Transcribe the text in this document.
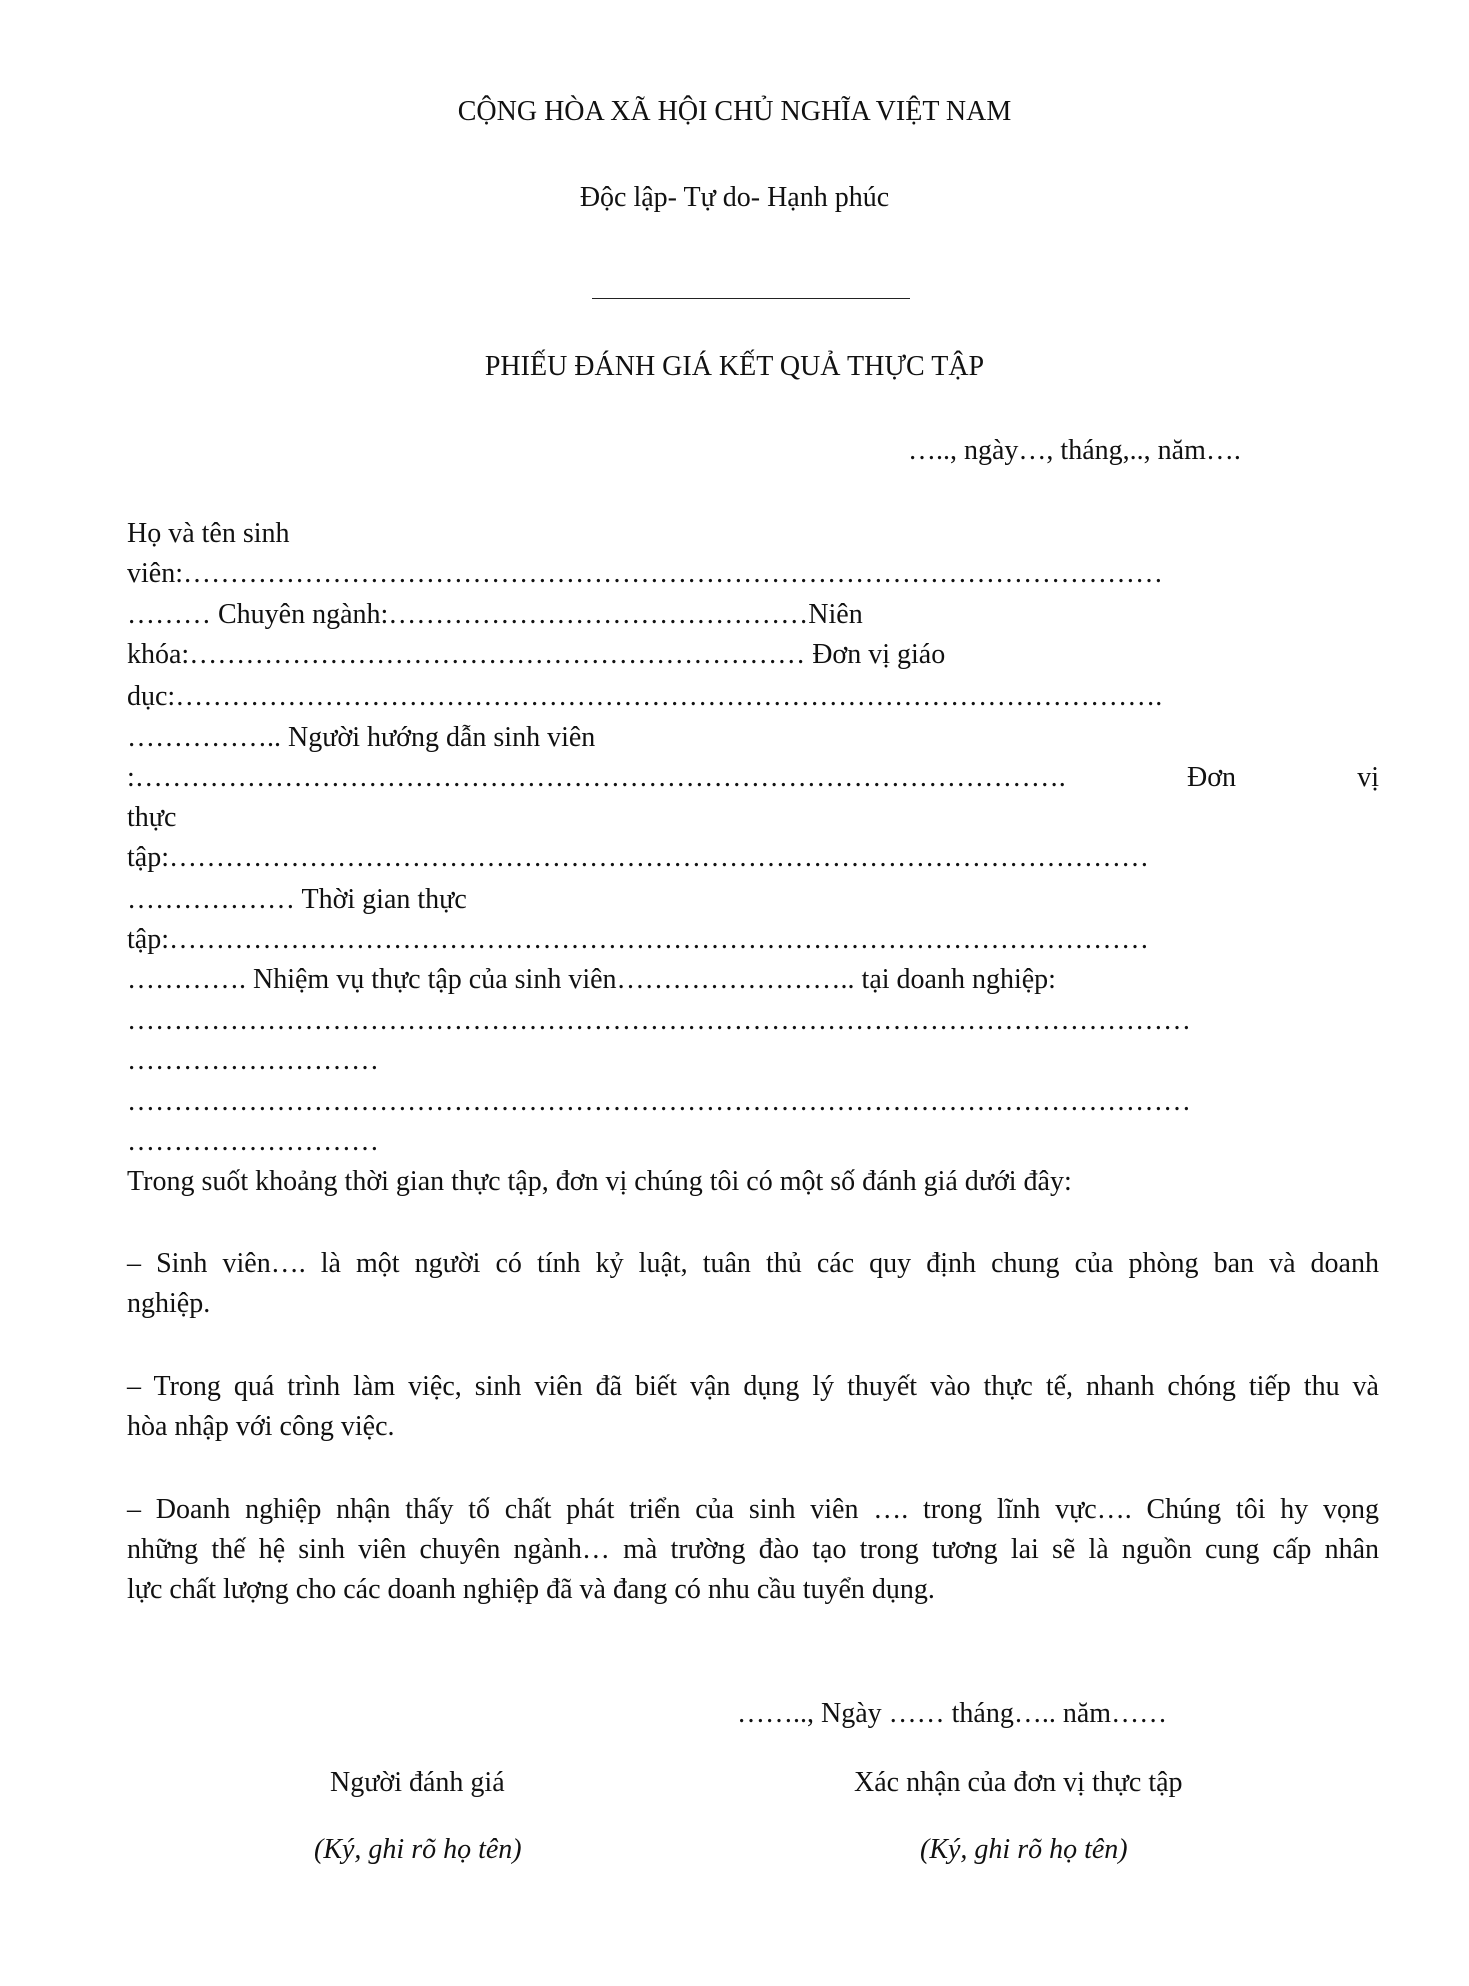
CỘNG HÒA XÃ HỘI CHỦ NGHĨA VIỆT NAM
Độc lập- Tự do- Hạnh phúc
PHIẾU ĐÁNH GIÁ KẾT QUẢ THỰC TẬP
….., ngày…, tháng,.., năm….
Họ và tên sinh
viên:……………………………………………………………………………………………
……… Chuyên ngành:………………………………………Niên
khóa:………………………………………………………… Đơn vị giáo
dục:…………………………………………………………………………………………….
…………….. Người hướng dẫn sinh viên
:………………………………………………………………………………………. Đơn vị
thực
tập:……………………………………………………………………………………………
……………… Thời gian thực
tập:……………………………………………………………………………………………
…………. Nhiệm vụ thực tập của sinh viên…………………….. tại doanh nghiệp:
……………………………………………………………………………………………………
………………………
……………………………………………………………………………………………………
………………………
Trong suốt khoảng thời gian thực tập, đơn vị chúng tôi có một số đánh giá dưới đây:
– Sinh viên…. là một người có tính kỷ luật, tuân thủ các quy định chung của phòng ban và doanh
nghiệp.
– Trong quá trình làm việc, sinh viên đã biết vận dụng lý thuyết vào thực tế, nhanh chóng tiếp thu và
hòa nhập với công việc.
– Doanh nghiệp nhận thấy tố chất phát triển của sinh viên …. trong lĩnh vực…. Chúng tôi hy vọng
những thế hệ sinh viên chuyên ngành… mà trường đào tạo trong tương lai sẽ là nguồn cung cấp nhân
lực chất lượng cho các doanh nghiệp đã và đang có nhu cầu tuyển dụng.
…….., Ngày …… tháng….. năm……
Người đánh giá
(Ký, ghi rõ họ tên)
Xác nhận của đơn vị thực tập
(Ký, ghi rõ họ tên)
